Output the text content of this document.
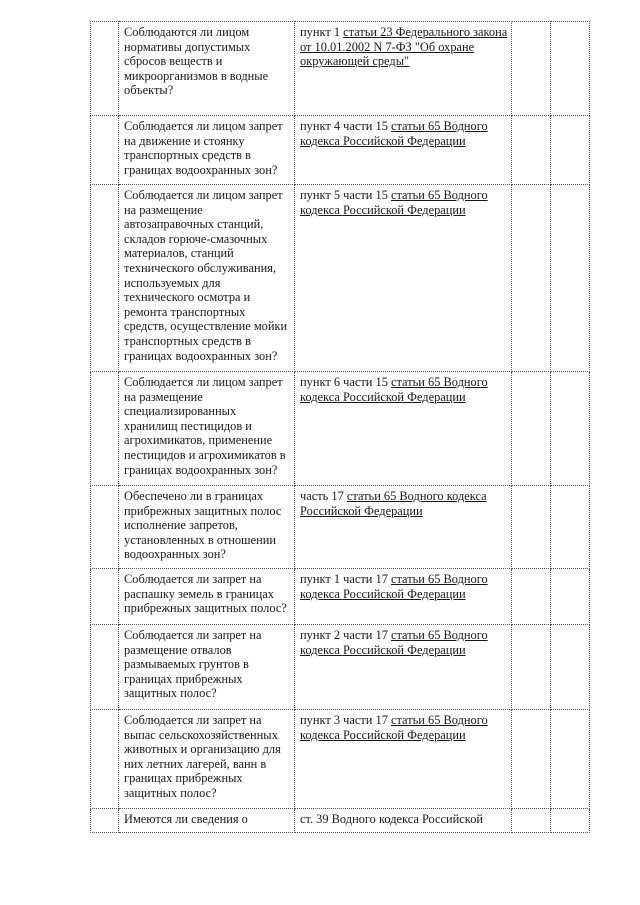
	Соблюдаются ли лицом нормативы допустимых сбросов веществ и микроорганизмов в водные объекты?	пункт 1 статьи 23 Федерального закона от 10.01.2002 N 7-ФЗ "Об охране окружающей среды"		
	Соблюдается ли лицом запрет на движение и стоянку транспортных средств в границах водоохранных зон?	пункт 4 части 15 статьи 65 Водного кодекса Российской Федерации		
	Соблюдается ли лицом запрет на размещение автозаправочных станций, складов горюче-смазочных материалов, станций технического обслуживания, используемых для технического осмотра и ремонта транспортных средств, осуществление мойки транспортных средств в границах водоохранных зон?	пункт 5 части 15 статьи 65 Водного кодекса Российской Федерации		
	Соблюдается ли лицом запрет на размещение специализированных хранилищ пестицидов и агрохимикатов, применение пестицидов и агрохимикатов в границах водоохранных зон?	пункт 6 части 15 статьи 65 Водного кодекса Российской Федерации		
	Обеспечено ли в границах прибрежных защитных полос исполнение запретов, установленных в отношении водоохранных зон?	часть 17 статьи 65 Водного кодекса Российской Федерации		
	Соблюдается ли запрет на распашку земель в границах прибрежных защитных полос?	пункт 1 части 17 статьи 65 Водного кодекса Российской Федерации		
	Соблюдается ли запрет на размещение отвалов размываемых грунтов в границах прибрежных защитных полос?	пункт 2 части 17 статьи 65 Водного кодекса Российской Федерации		
	Соблюдается ли запрет на выпас сельскохозяйственных животных и организацию для них летних лагерей, ванн в границах прибрежных защитных полос?	пункт 3 части 17 статьи 65 Водного кодекса Российской Федерации		
	Имеются ли сведения о	ст. 39 Водного кодекса Российской		
